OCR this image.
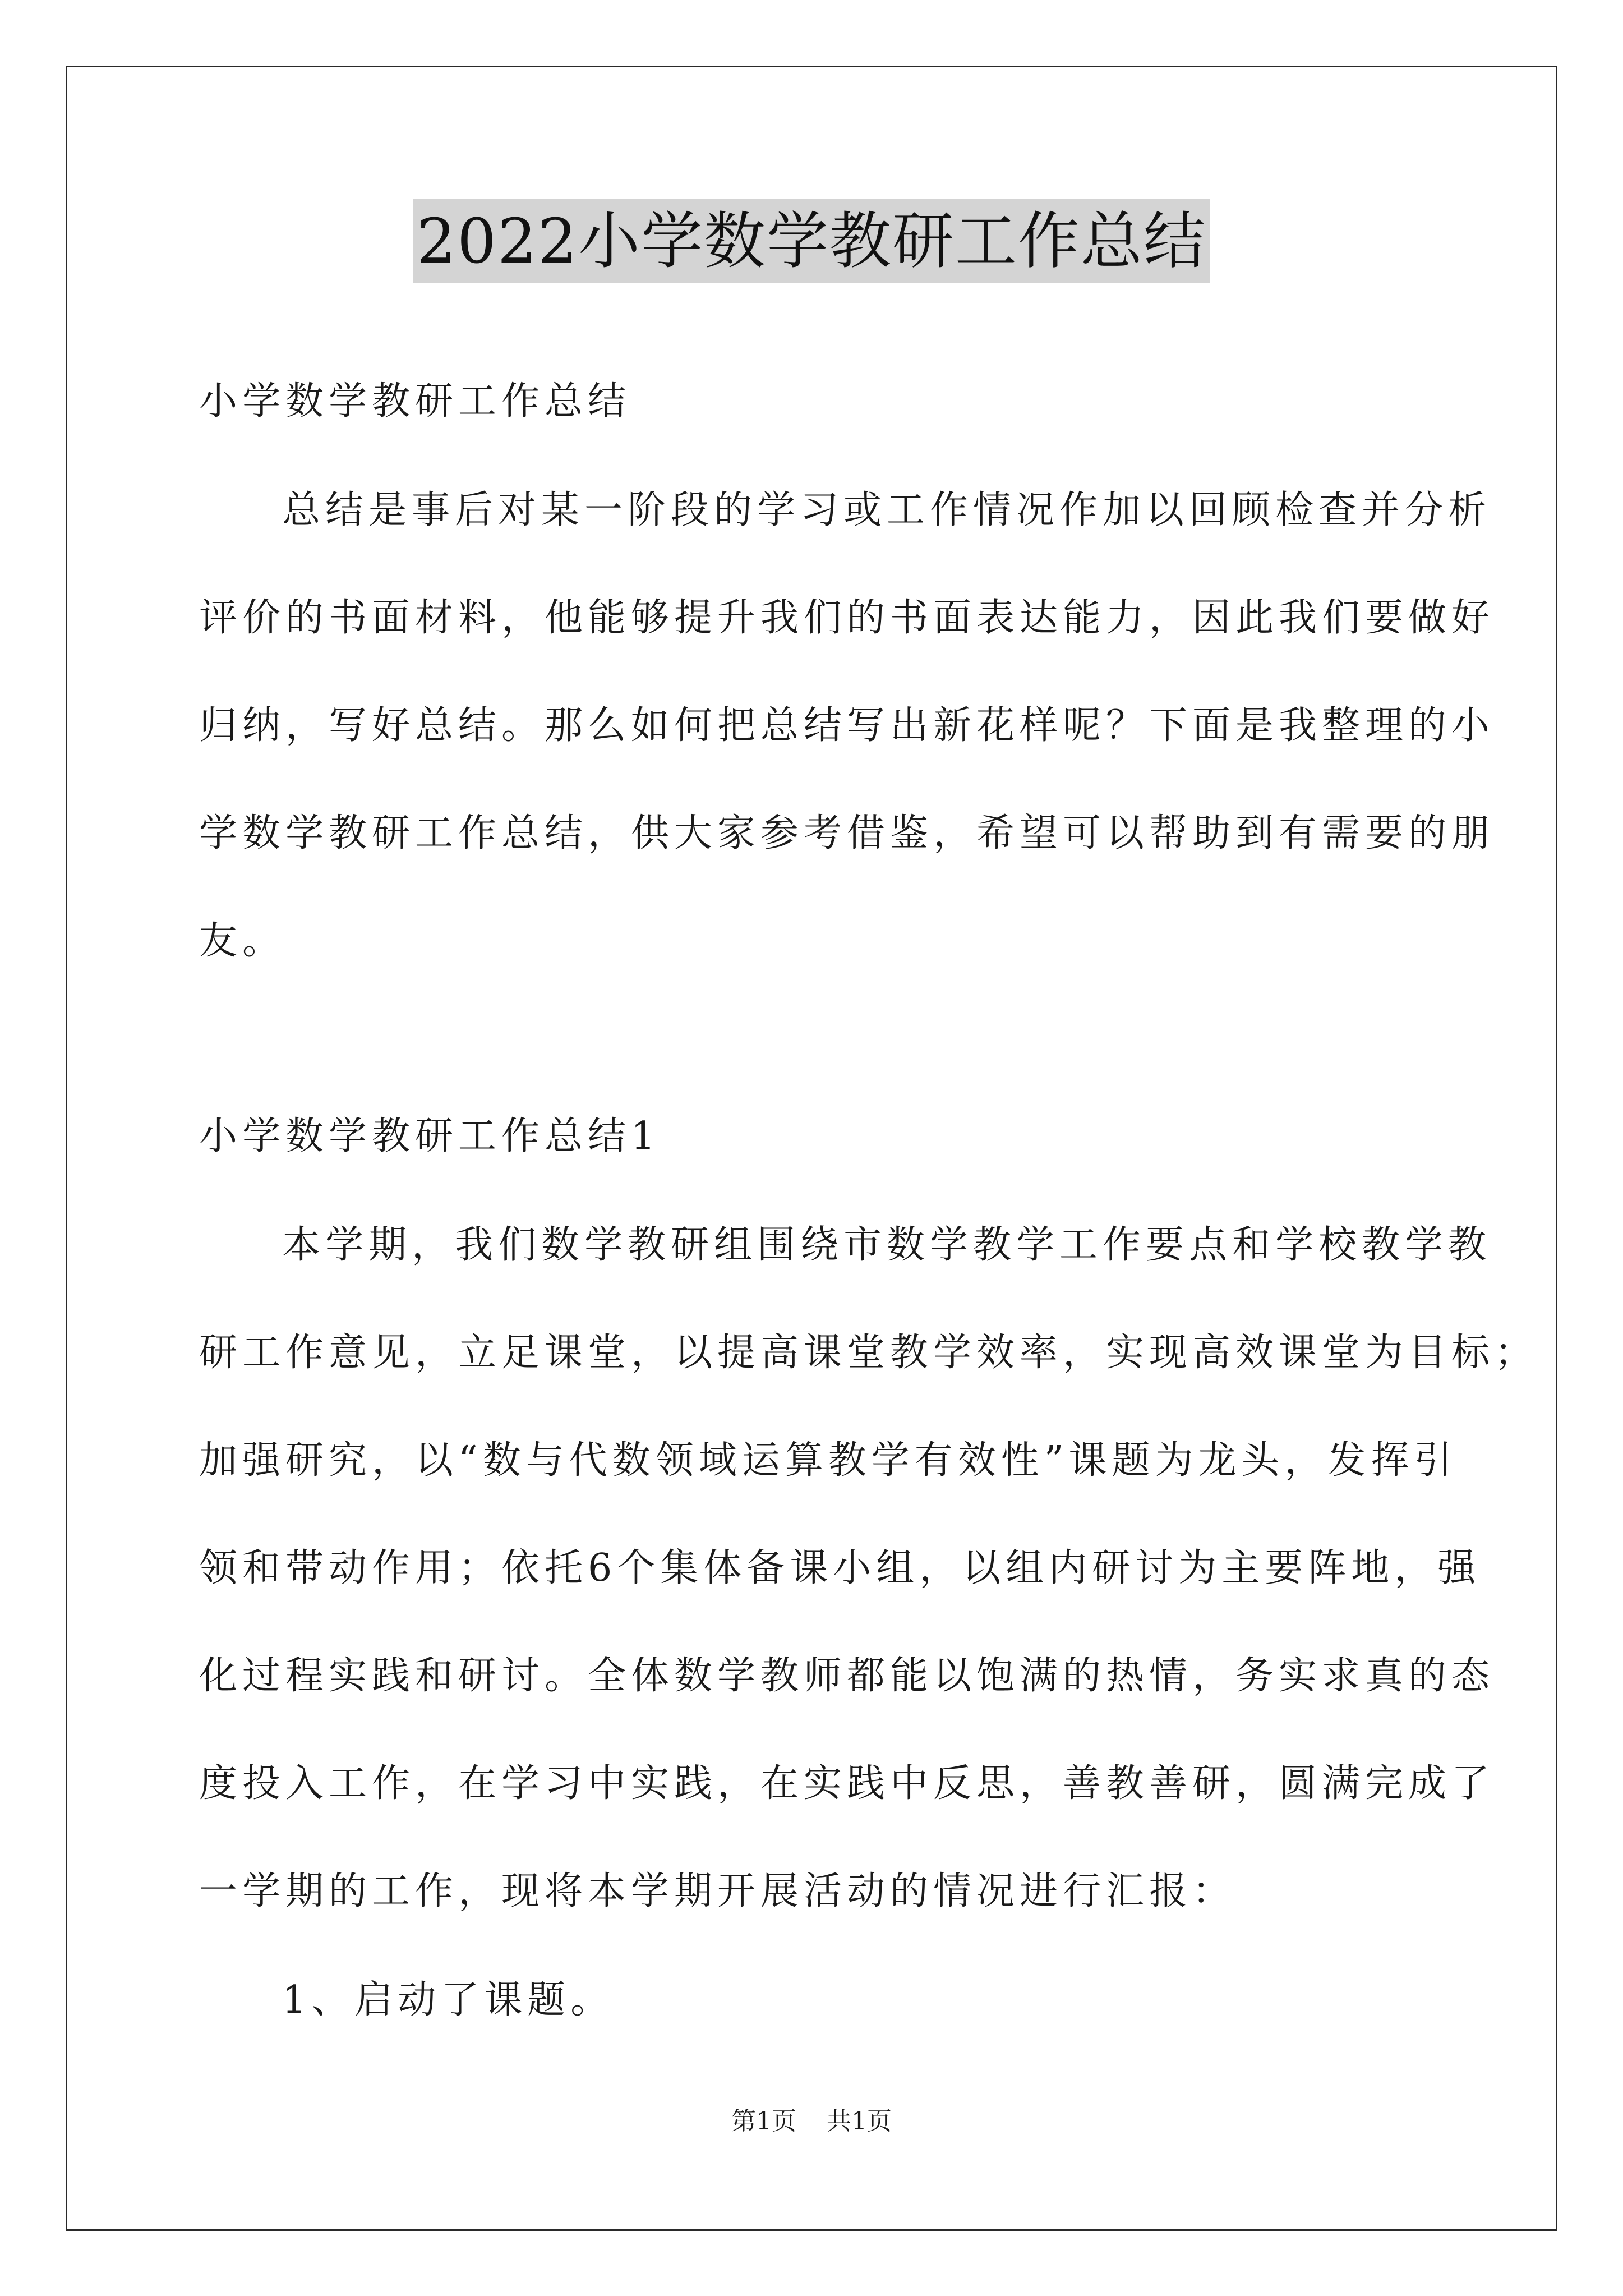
2022小学数学教研工作总结

小学数学教研工作总结

总结是事后对某一阶段的学习或工作情况作加以回顾检查并分析

评价的书面材料，他能够提升我们的书面表达能力，因此我们要做好

归纳，写好总结。那么如何把总结写出新花样呢？下面是我整理的小

学数学教研工作总结，供大家参考借鉴，希望可以帮助到有需要的朋

友。

小学数学教研工作总结1

本学期，我们数学教研组围绕市数学教学工作要点和学校教学教

研工作意见，立足课堂，以提高课堂教学效率，实现高效课堂为目标；

加强研究，以“数与代数领域运算教学有效性”课题为龙头，发挥引

领和带动作用；依托6个集体备课小组，以组内研讨为主要阵地，强

化过程实践和研讨。全体数学教师都能以饱满的热情，务实求真的态

度投入工作，在学习中实践，在实践中反思，善教善研，圆满完成了

一学期的工作，现将本学期开展活动的情况进行汇报：

1、启动了课题。

第1页 共1页
